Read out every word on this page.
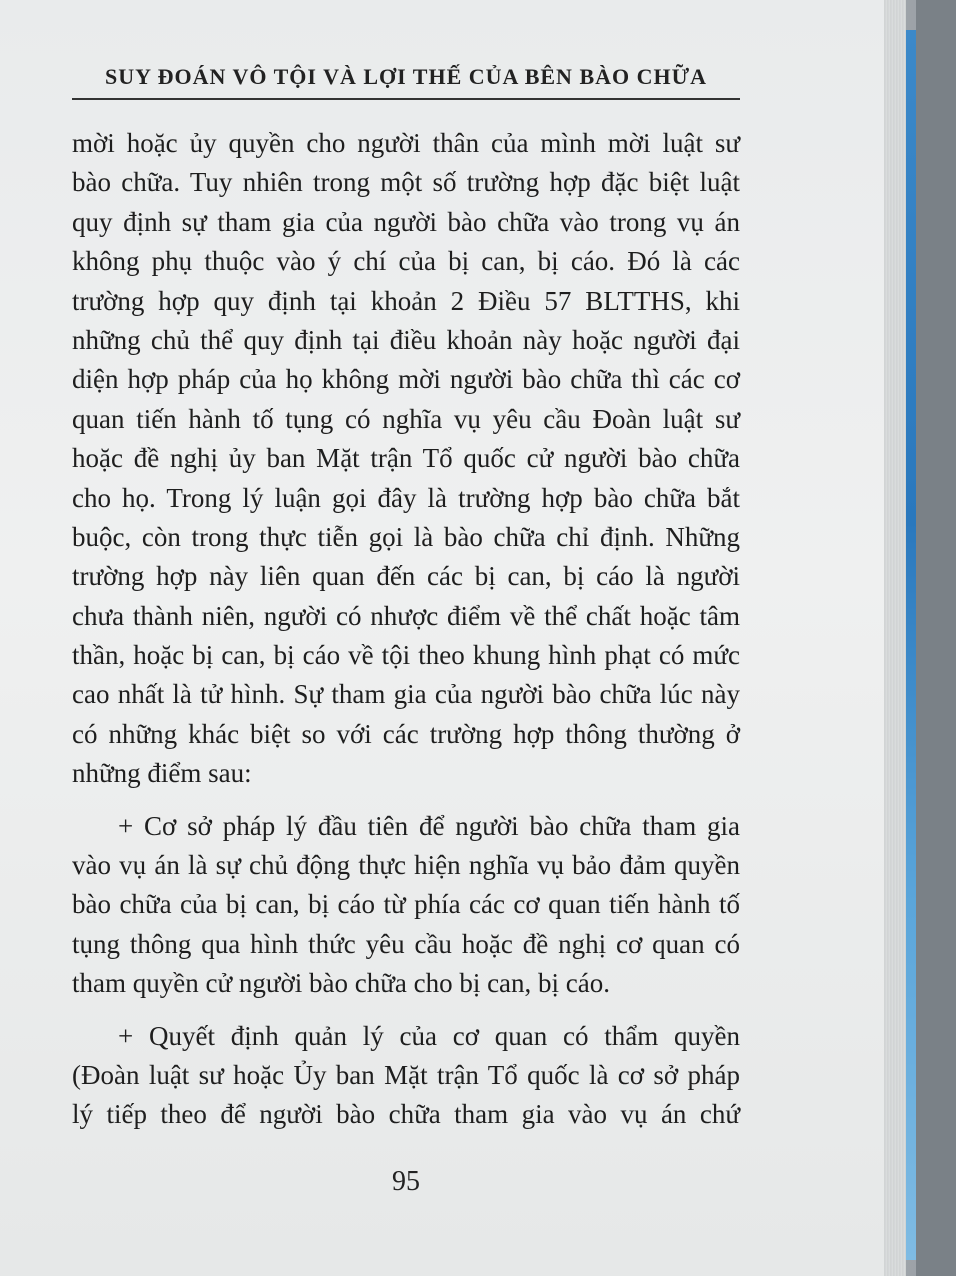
SUY ĐOÁN VÔ TỘI VÀ LỢI THẾ CỦA BÊN BÀO CHỮA
mời hoặc ủy quyền cho người thân của mình mời luật sư
bào chữa. Tuy nhiên trong một số trường hợp đặc biệt luật
quy định sự tham gia của người bào chữa vào trong vụ án
không phụ thuộc vào ý chí của bị can, bị cáo. Đó là các
trường hợp quy định tại khoản 2 Điều 57 BLTTHS, khi
những chủ thể quy định tại điều khoản này hoặc người đại
diện hợp pháp của họ không mời người bào chữa thì các cơ
quan tiến hành tố tụng có nghĩa vụ yêu cầu Đoàn luật sư
hoặc đề nghị ủy ban Mặt trận Tổ quốc cử người bào chữa
cho họ. Trong lý luận gọi đây là trường hợp bào chữa bắt
buộc, còn trong thực tiễn gọi là bào chữa chỉ định. Những
trường hợp này liên quan đến các bị can, bị cáo là người
chưa thành niên, người có nhược điểm về thể chất hoặc tâm
thần, hoặc bị can, bị cáo về tội theo khung hình phạt có mức
cao nhất là tử hình. Sự tham gia của người bào chữa lúc này
có những khác biệt so với các trường hợp thông thường ở
những điểm sau:
+ Cơ sở pháp lý đầu tiên để người bào chữa tham gia
vào vụ án là sự chủ động thực hiện nghĩa vụ bảo đảm quyền
bào chữa của bị can, bị cáo từ phía các cơ quan tiến hành tố
tụng thông qua hình thức yêu cầu hoặc đề nghị cơ quan có
tham quyền cử người bào chữa cho bị can, bị cáo.
+ Quyết định quản lý của cơ quan có thẩm quyền
(Đoàn luật sư hoặc Ủy ban Mặt trận Tổ quốc là cơ sở pháp
lý tiếp theo để người bào chữa tham gia vào vụ án chứ
95
